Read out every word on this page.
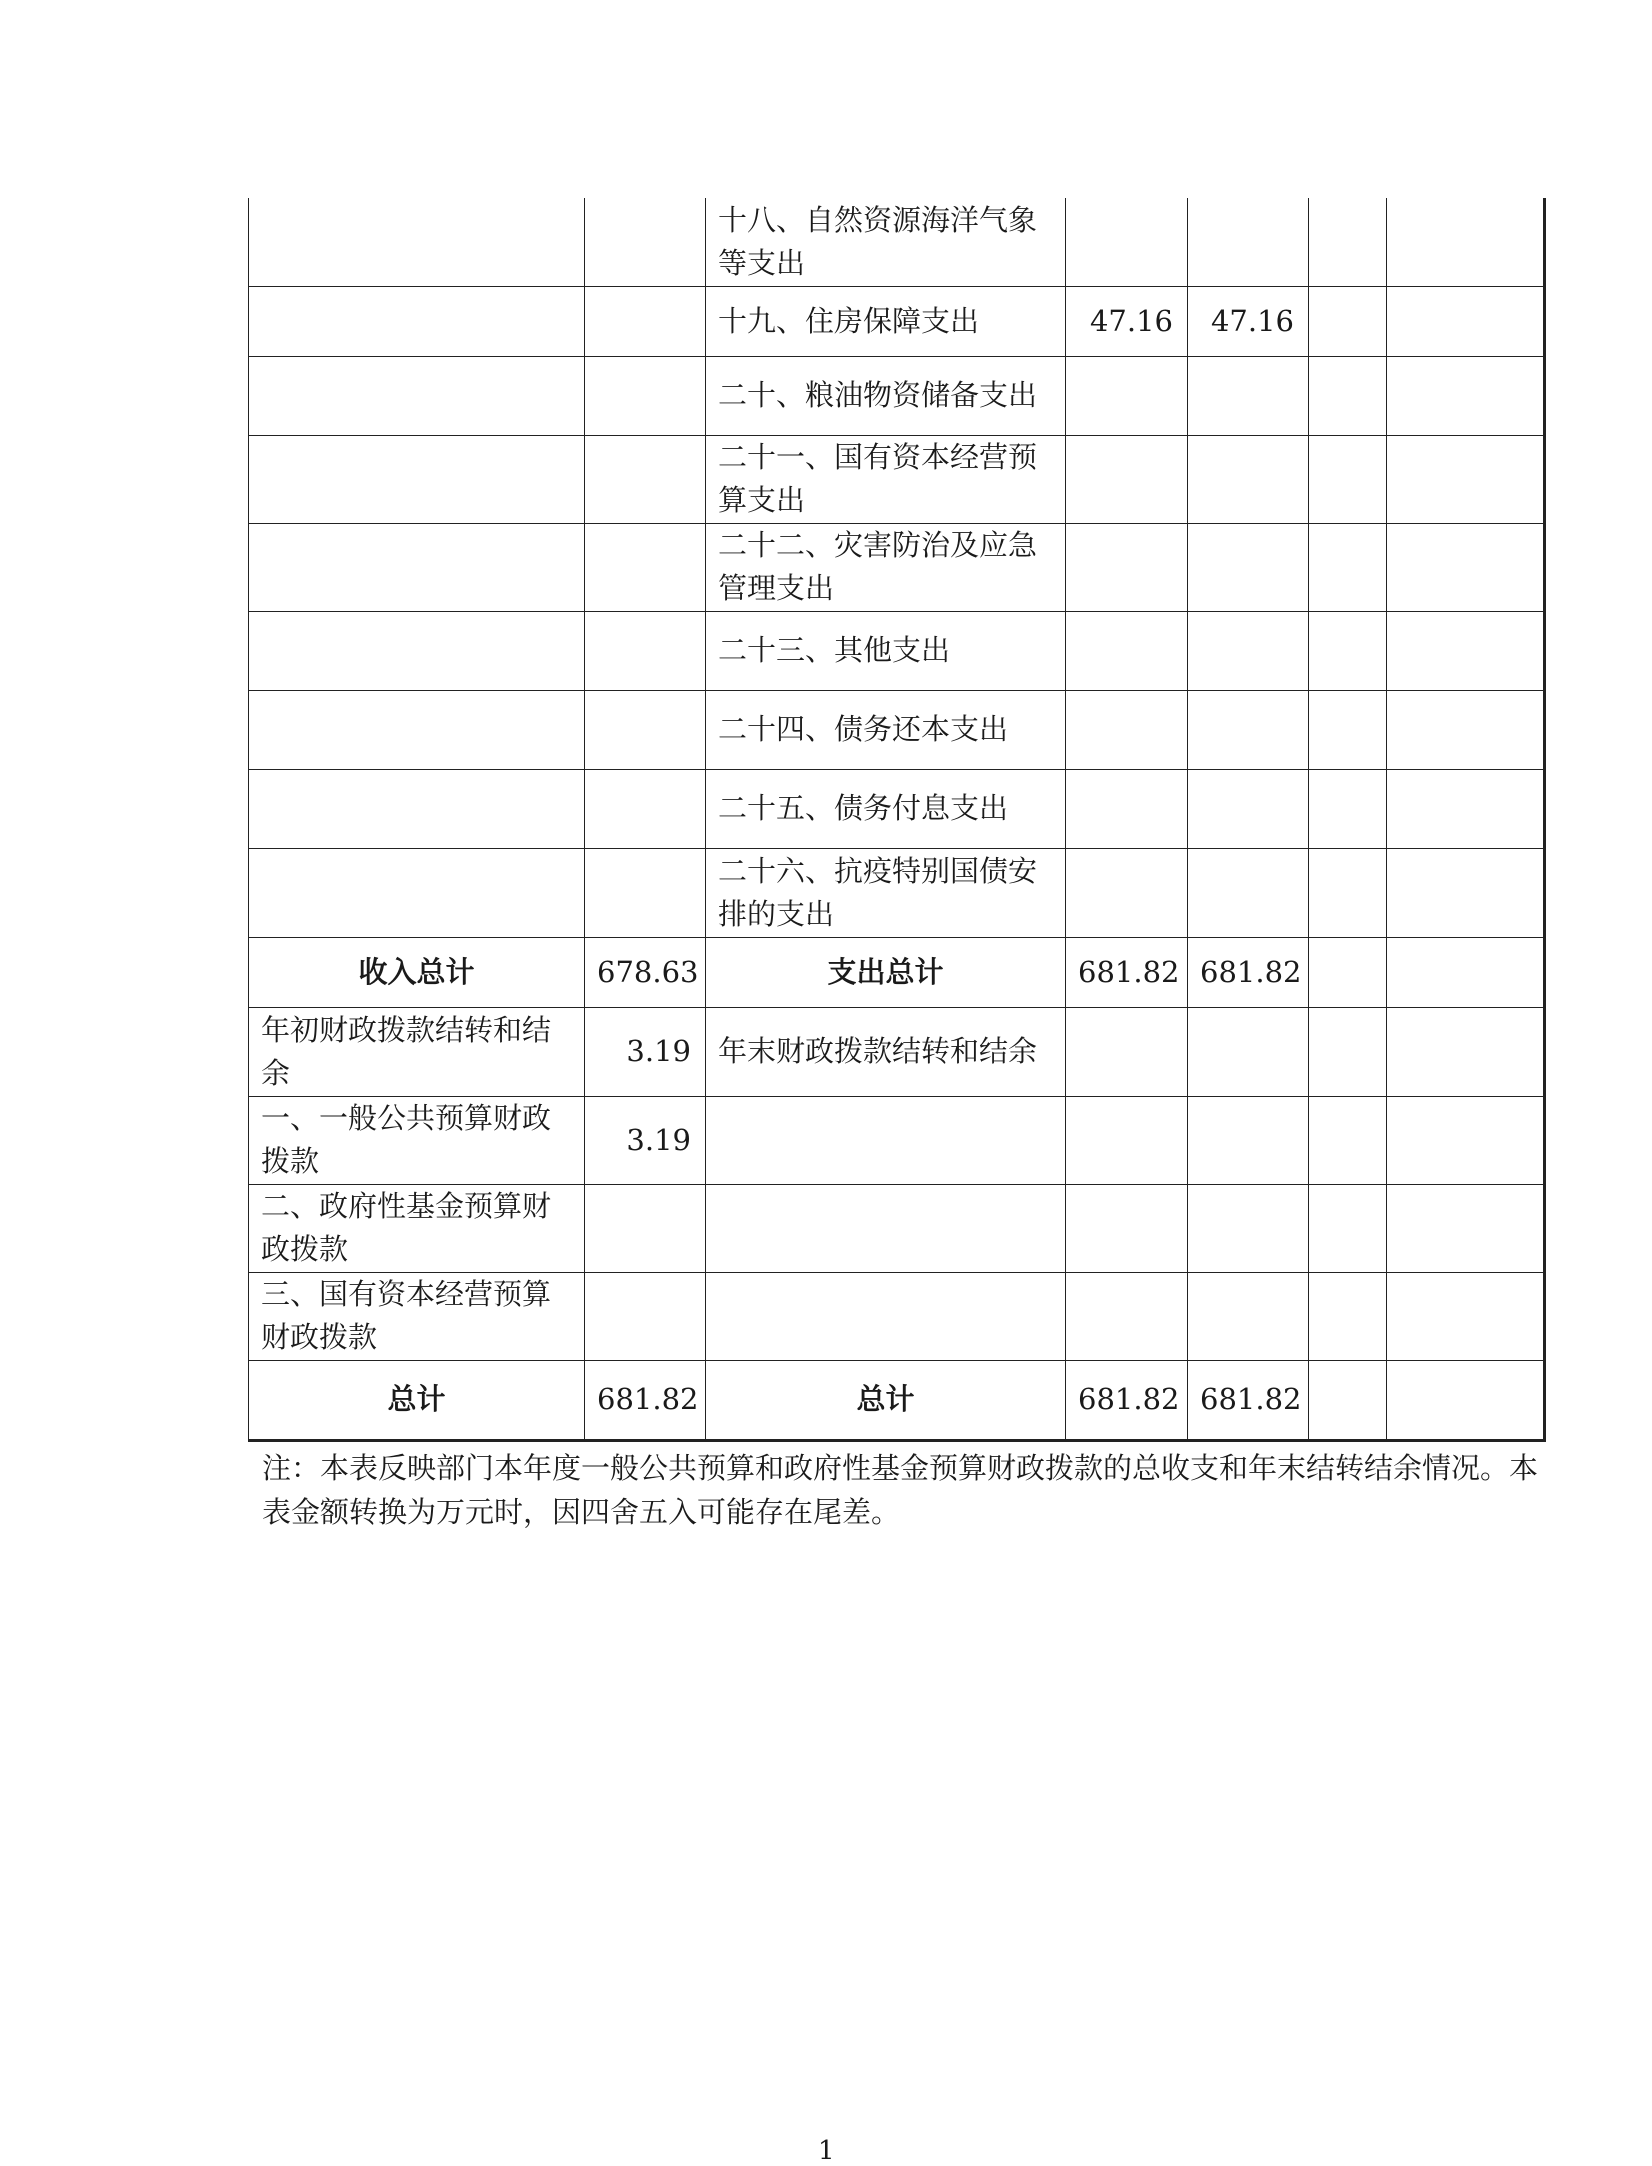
		十八、自然资源海洋气象等支出				
		十九、住房保障支出	47.16	47.16		
		二十、粮油物资储备支出				
		二十一、国有资本经营预算支出				
		二十二、灾害防治及应急管理支出				
		二十三、其他支出				
		二十四、债务还本支出				
		二十五、债务付息支出				
		二十六、抗疫特别国债安排的支出				
收入总计	678.63	支出总计	681.82	681.82		
年初财政拨款结转和结余	3.19	年末财政拨款结转和结余				
一、一般公共预算财政拨款	3.19					
二、政府性基金预算财政拨款						
三、国有资本经营预算财政拨款						
总计	681.82	总计	681.82	681.82		
注：本表反映部门本年度一般公共预算和政府性基金预算财政拨款的总收支和年末结转结余情况。本表金额转换为万元时，因四舍五入可能存在尾差。
1
